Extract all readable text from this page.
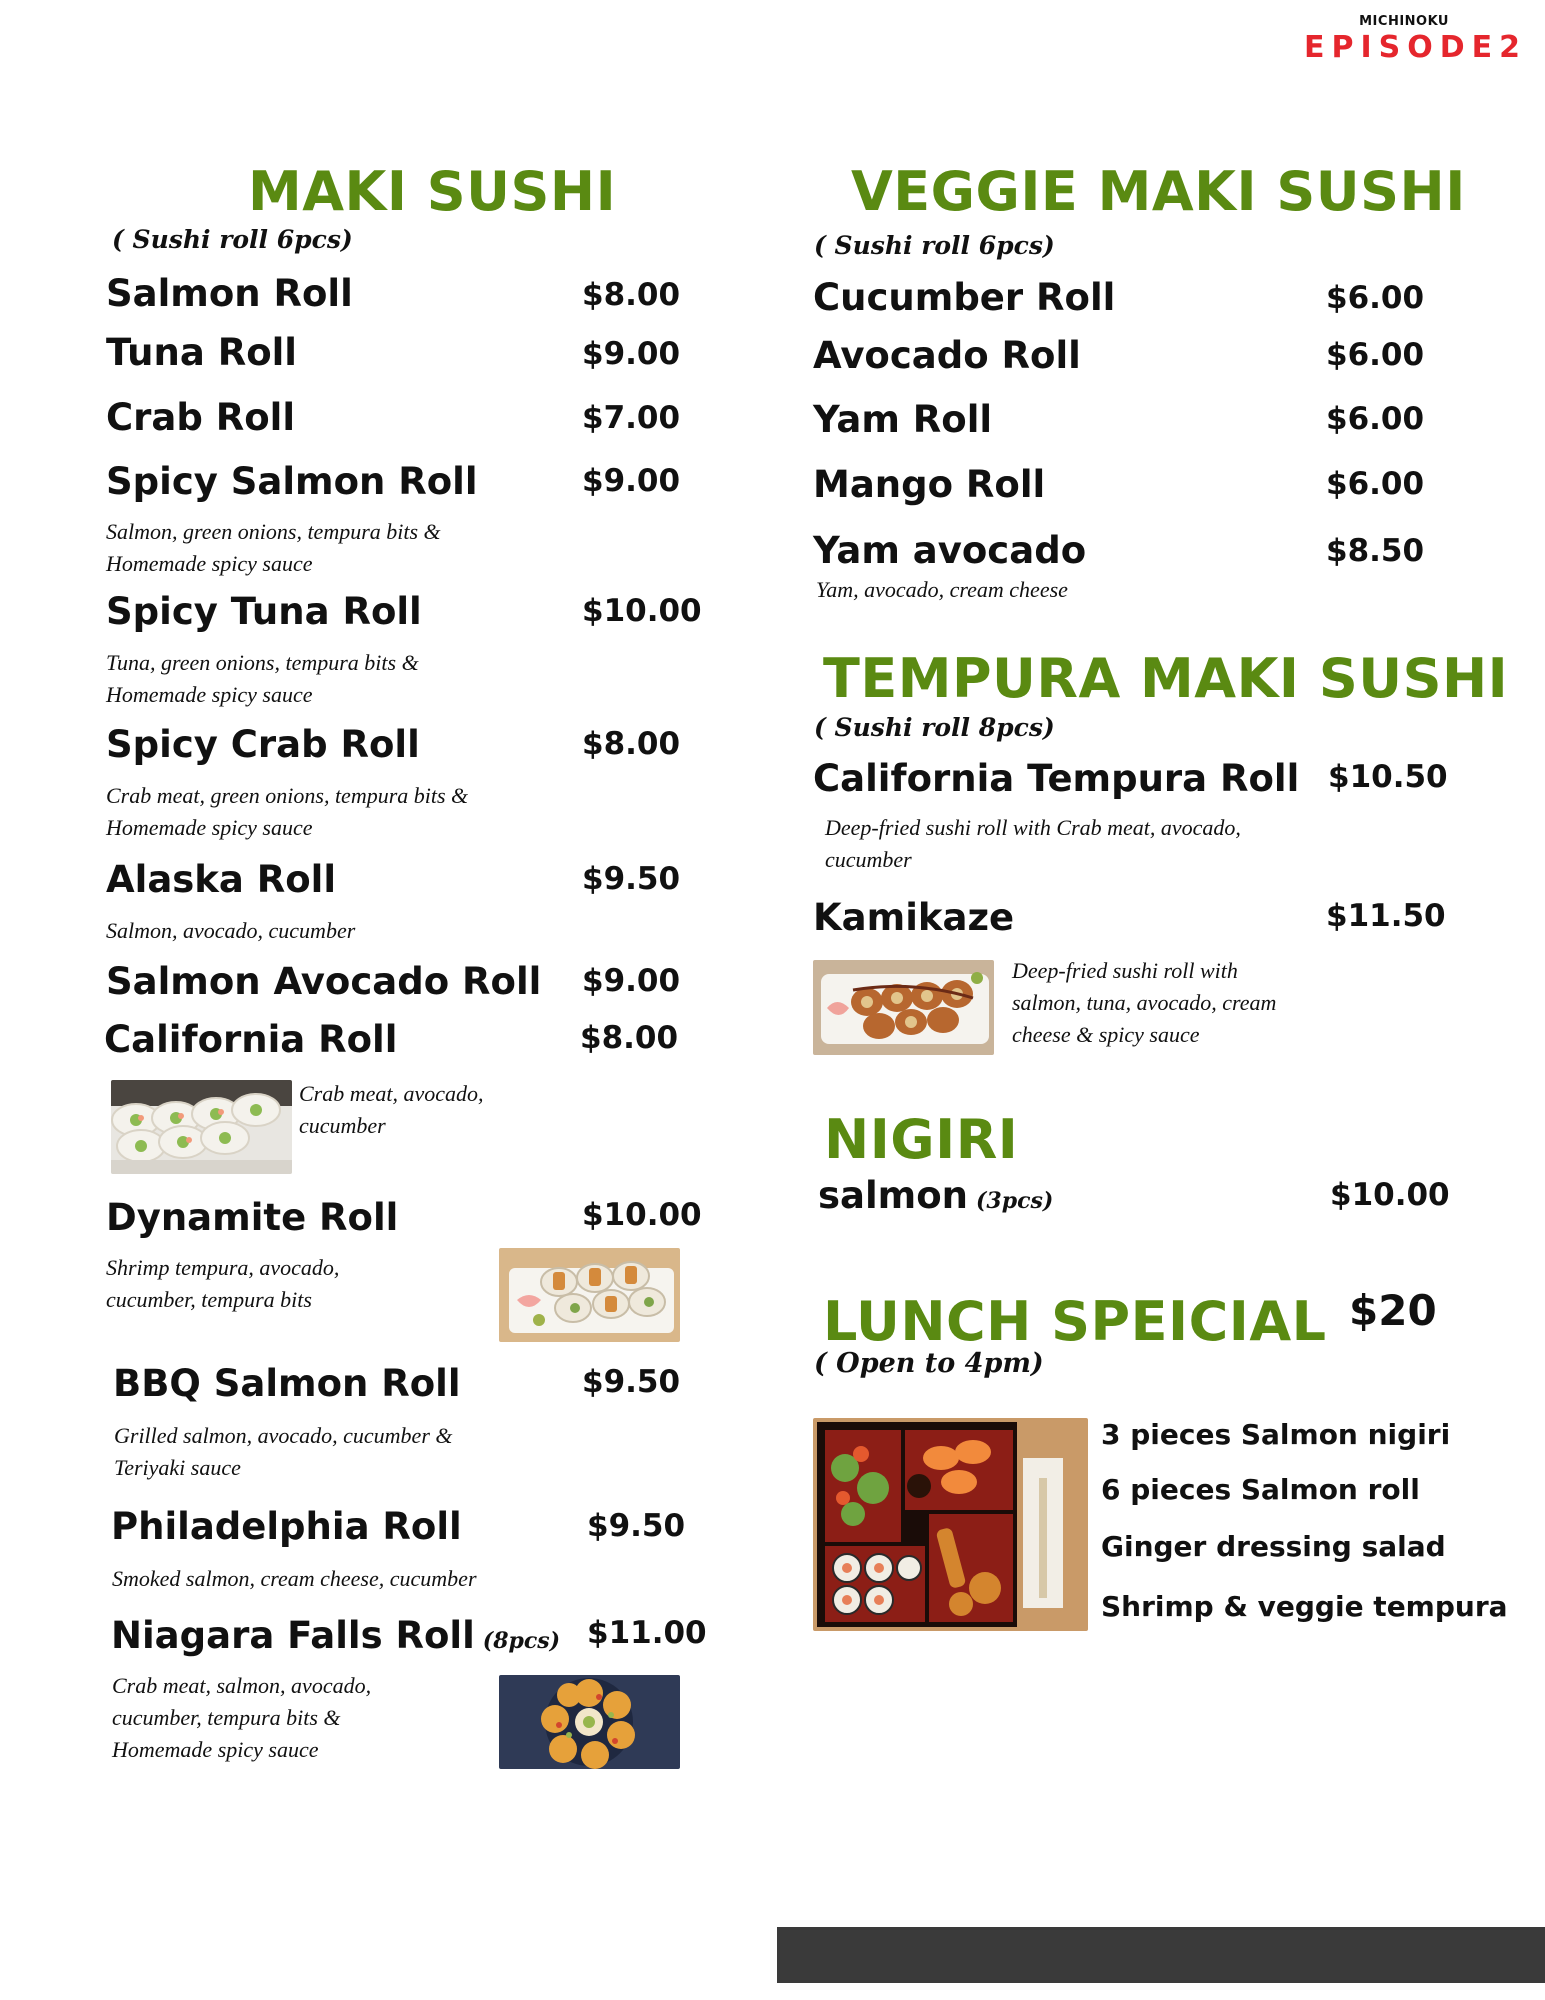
MICHINOKU
EPISODE2
MAKI SUSHI
( Sushi roll 6pcs)
Salmon Roll	$8.00
Tuna Roll	$9.00
Crab Roll	$7.00
Spicy Salmon Roll	$9.00
Salmon, green onions, tempura bits &
Homemade spicy sauce
Spicy Tuna Roll	$10.00
Tuna, green onions, tempura bits &
Homemade spicy sauce
Spicy Crab Roll	$8.00
Crab meat, green onions, tempura bits &
Homemade spicy sauce
Alaska Roll	$9.50
Salmon, avocado, cucumber
Salmon Avocado Roll $9.00
California Roll	$8.00
Crab meat, avocado,
cucumber
Dynamite Roll	$10.00
Shrimp tempura, avocado,
cucumber, tempura bits
BBQ Salmon Roll	$9.50
Grilled salmon, avocado, cucumber &
Teriyaki sauce
Philadelphia Roll	$9.50
Smoked salmon, cream cheese, cucumber
Niagara Falls Roll (8pcs) $11.00
Crab meat, salmon, avocado,
cucumber, tempura bits &
Homemade spicy sauce
VEGGIE MAKI SUSHI
( Sushi roll 6pcs)
Cucumber Roll	$6.00
Avocado Roll	$6.00
Yam Roll	$6.00
Mango Roll	$6.00
Yam avocado	$8.50
Yam, avocado, cream cheese
TEMPURA MAKI SUSHI
( Sushi roll 8pcs)
California Tempura Roll $10.50
Deep-fried sushi roll with Crab meat, avocado,
cucumber
Kamikaze	$11.50
Deep-fried sushi roll with
salmon, tuna, avocado, cream
cheese & spicy sauce
NIGIRI
salmon (3pcs)	$10.00
LUNCH SPEICIAL $20
( Open to 4pm)
3 pieces Salmon nigiri
6 pieces Salmon roll
Ginger dressing salad
Shrimp & veggie tempura
